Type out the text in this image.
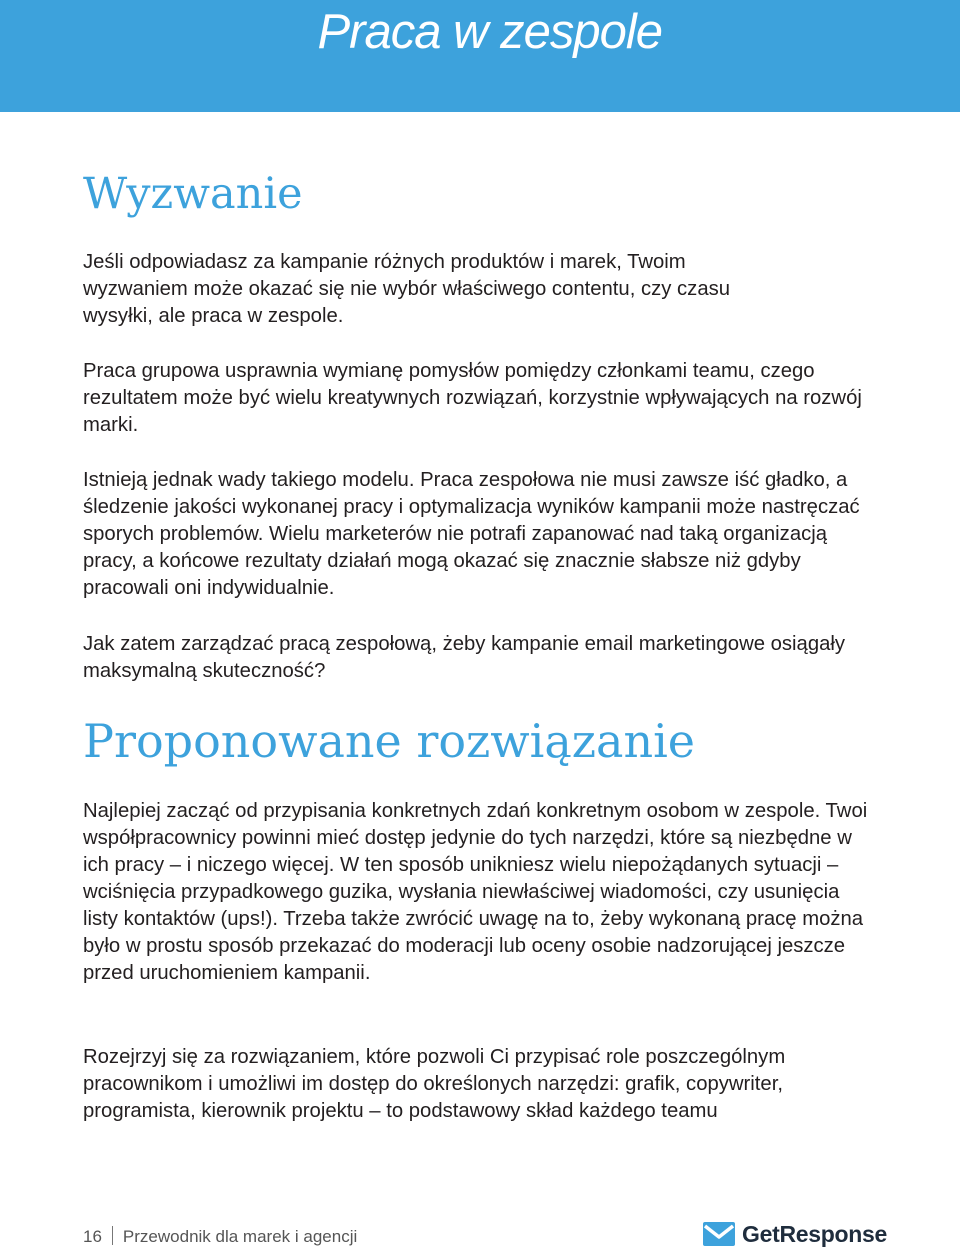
Praca w zespole
Wyzwanie

Jeśli odpowiadasz za kampanie różnych produktów i marek, Twoim wyzwaniem może okazać się nie wybór właściwego contentu, czy czasu wysyłki, ale praca w zespole.

Praca grupowa usprawnia wymianę pomysłów pomiędzy członkami teamu, czego rezultatem może być wielu kreatywnych rozwiązań, korzystnie wpływających na rozwój marki.

Istnieją jednak wady takiego modelu. Praca zespołowa nie musi zawsze iść gładko, a śledzenie jakości wykonanej pracy i optymalizacja wyników kampanii może nastręczać sporych problemów. Wielu marketerów nie potrafi zapanować nad taką organizacją pracy, a końcowe rezultaty działań mogą okazać się znacznie słabsze niż gdyby pracowali oni indywidualnie.

Jak zatem zarządzać pracą zespołową, żeby kampanie email marketingowe osiągały maksymalną skuteczność?

Proponowane rozwiązanie

Najlepiej zacząć od przypisania konkretnych zdań konkretnym osobom w zespole. Twoi współpracownicy powinni mieć dostęp jedynie do tych narzędzi, które są niezbędne w ich pracy – i niczego więcej. W ten sposób unikniesz wielu niepożądanych sytuacji – wciśnięcia przypadkowego guzika, wysłania niewłaściwej wiadomości, czy usunięcia listy kontaktów (ups!). Trzeba także zwrócić uwagę na to, żeby wykonaną pracę można było w prostu sposób przekazać do moderacji lub oceny osobie nadzorującej jeszcze przed uruchomieniem kampanii.

Rozejrzyj się za rozwiązaniem, które pozwoli Ci przypisać role poszczególnym pracownikom i umożliwi im dostęp do określonych narzędzi: grafik, copywriter, programista, kierownik projektu – to podstawowy skład każdego teamu

16 Przewodnik dla marek i agencji	GetResponse
